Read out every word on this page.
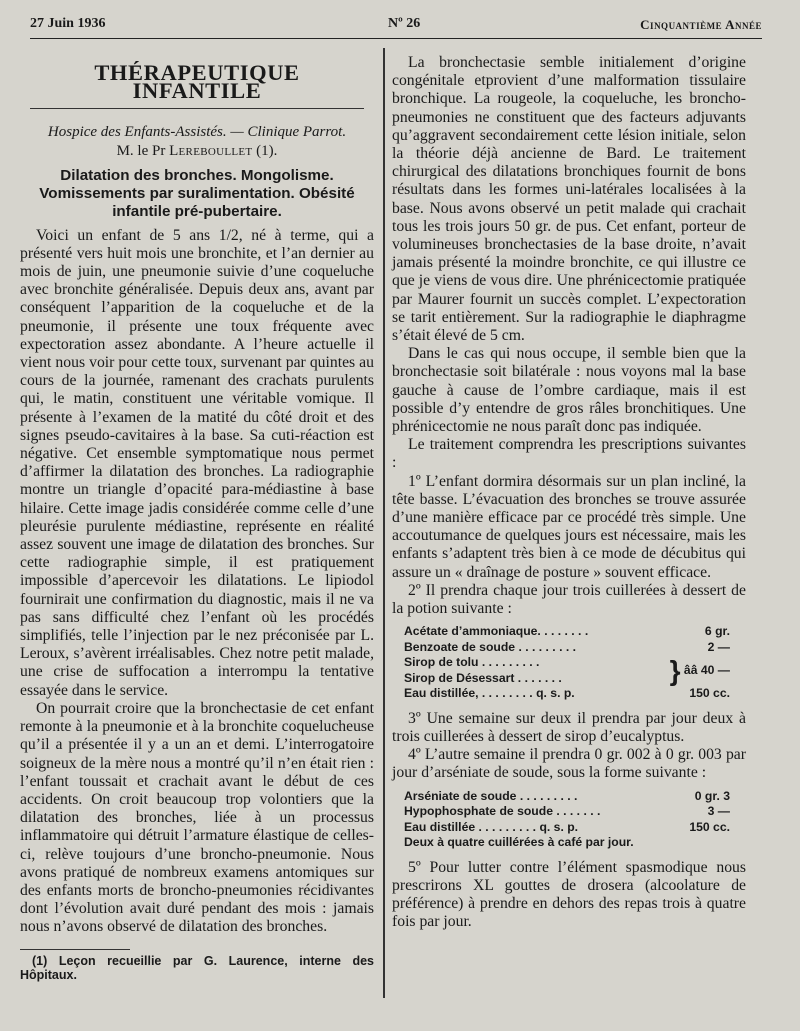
27 Juin 1936	Nº 26	Cinquantième Année
THÉRAPEUTIQUE INFANTILE
Hospice des Enfants-Assistés. — Clinique Parrot.
M. le Pr Lereboullet (1).
Dilatation des bronches. Mongolisme. Vomissements par suralimentation. Obésité infantile pré-pubertaire.

Voici un enfant de 5 ans 1/2, né à terme, qui a présenté vers huit mois une bronchite, et l’an dernier au mois de juin, une pneumonie suivie d’une coqueluche avec bronchite généralisée. Depuis deux ans, avant par conséquent l’apparition de la coqueluche et de la pneumonie, il présente une toux fréquente avec expectoration assez abondante. A l’heure actuelle il vient nous voir pour cette toux, survenant par quintes au cours de la journée, ramenant des crachats purulents qui, le matin, constituent une véritable vomique. Il présente à l’examen de la matité du côté droit et des signes pseudo-cavitaires à la base. Sa cuti-réaction est négative. Cet ensemble symptomatique nous permet d’affirmer la dilatation des bronches. La radiographie montre un triangle d’opacité para-médiastine à base hilaire. Cette image jadis considérée comme celle d’une pleurésie purulente médiastine, représente en réalité assez souvent une image de dilatation des bronches. Sur cette radiographie simple, il est pratiquement impossible d’apercevoir les dilatations. Le lipiodol fournirait une confirmation du diagnostic, mais il ne va pas sans difficulté chez l’enfant où les procédés simplifiés, telle l’injection par le nez préconisée par L. Leroux, s’avèrent irréalisables. Chez notre petit malade, une crise de suffocation a interrompu la tentative essayée dans le service.

On pourrait croire que la bronchectasie de cet enfant remonte à la pneumonie et à la bronchite coquelucheuse qu’il a présentée il y a un an et demi. L’interrogatoire soigneux de la mère nous a montré qu’il n’en était rien : l’enfant toussait et crachait avant le début de ces accidents. On croit beaucoup trop volontiers que la dilatation des bronches, liée à un processus inflammatoire qui détruit l’armature élastique de celles-ci, relève toujours d’une broncho-pneumonie. Nous avons pratiqué de nombreux examens antomiques sur des enfants morts de broncho-pneumonies récidivantes dont l’évolution avait duré pendant des mois : jamais nous n’avons observé de dilatation des bronches.

(1) Leçon recueillie par G. Laurence, interne des Hôpitaux.

La bronchectasie semble initialement d’origine congénitale etprovient d’une malformation tissulaire bronchique. La rougeole, la coqueluche, les broncho-pneumonies ne constituent que des facteurs adjuvants qu’aggravent secondairement cette lésion initiale, selon la théorie déjà ancienne de Bard. Le traitement chirurgical des dilatations bronchiques fournit de bons résultats dans les formes uni-latérales localisées à la base. Nous avons observé un petit malade qui crachait tous les trois jours 50 gr. de pus. Cet enfant, porteur de volumineuses bronchectasies de la base droite, n’avait jamais présenté la moindre bronchite, ce qui illustre ce que je viens de vous dire. Une phrénicectomie pratiquée par Maurer fournit un succès complet. L’expectoration se tarit entièrement. Sur la radiographie le diaphragme s’était élevé de 5 cm.

Dans le cas qui nous occupe, il semble bien que la bronchectasie soit bilatérale : nous voyons mal la base gauche à cause de l’ombre cardiaque, mais il est possible d’y entendre de gros râles bronchitiques. Une phrénicectomie ne nous paraît donc pas indiquée.

Le traitement comprendra les prescriptions suivantes :

1º L’enfant dormira désormais sur un plan incliné, la tête basse. L’évacuation des bronches se trouve assurée d’une manière efficace par ce procédé très simple. Une accoutumance de quelques jours est nécessaire, mais les enfants s’adaptent très bien à ce mode de décubitus qui assure un « draînage de posture » souvent efficace.

2º Il prendra chaque jour trois cuillerées à dessert de la potion suivante :

Acétate d’ammoniaque. . . . . . . .	6 gr.
Benzoate de soude . . . . . . . . .	2 —
Sirop de tolu . . . . . . . . .
Sirop de Désessart . . . . . . .	} ââ 40 —
Eau distillée, . . . . . . . . q. s. p.	150 cc.

3º Une semaine sur deux il prendra par jour deux à trois cuillerées à dessert de sirop d’eucalyptus.

4º L’autre semaine il prendra 0 gr. 002 à 0 gr. 003 par jour d’arséniate de soude, sous la forme suivante :

Arséniate de soude . . . . . . . . .	0 gr. 3
Hypophosphate de soude . . . . . . .	3 —
Eau distillée . . . . . . . . . q. s. p.	150 cc.
Deux à quatre cuillérées à café par jour.

5º Pour lutter contre l’élément spasmodique nous prescrirons XL gouttes de drosera (alcoolature de préférence) à prendre en dehors des repas trois à quatre fois par jour.
